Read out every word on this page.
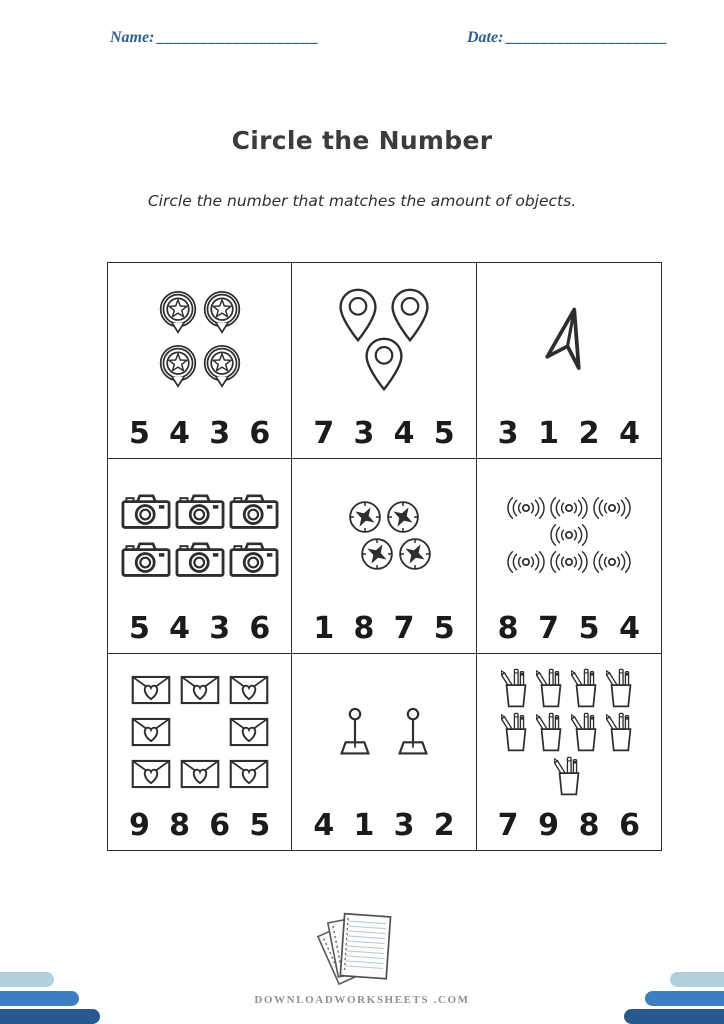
Name: ___________________	Date: ___________________
Circle the Number
Circle the number that matches the amount of objects.
5 4 3 6 7 3 4 5 3 1 2 4
5 4 3 6 1 8 7 5 8 7 5 4
9 8 6 5 4 1 3 2 7 9 8 6
DOWNLOADWORKSHEETS .COM
